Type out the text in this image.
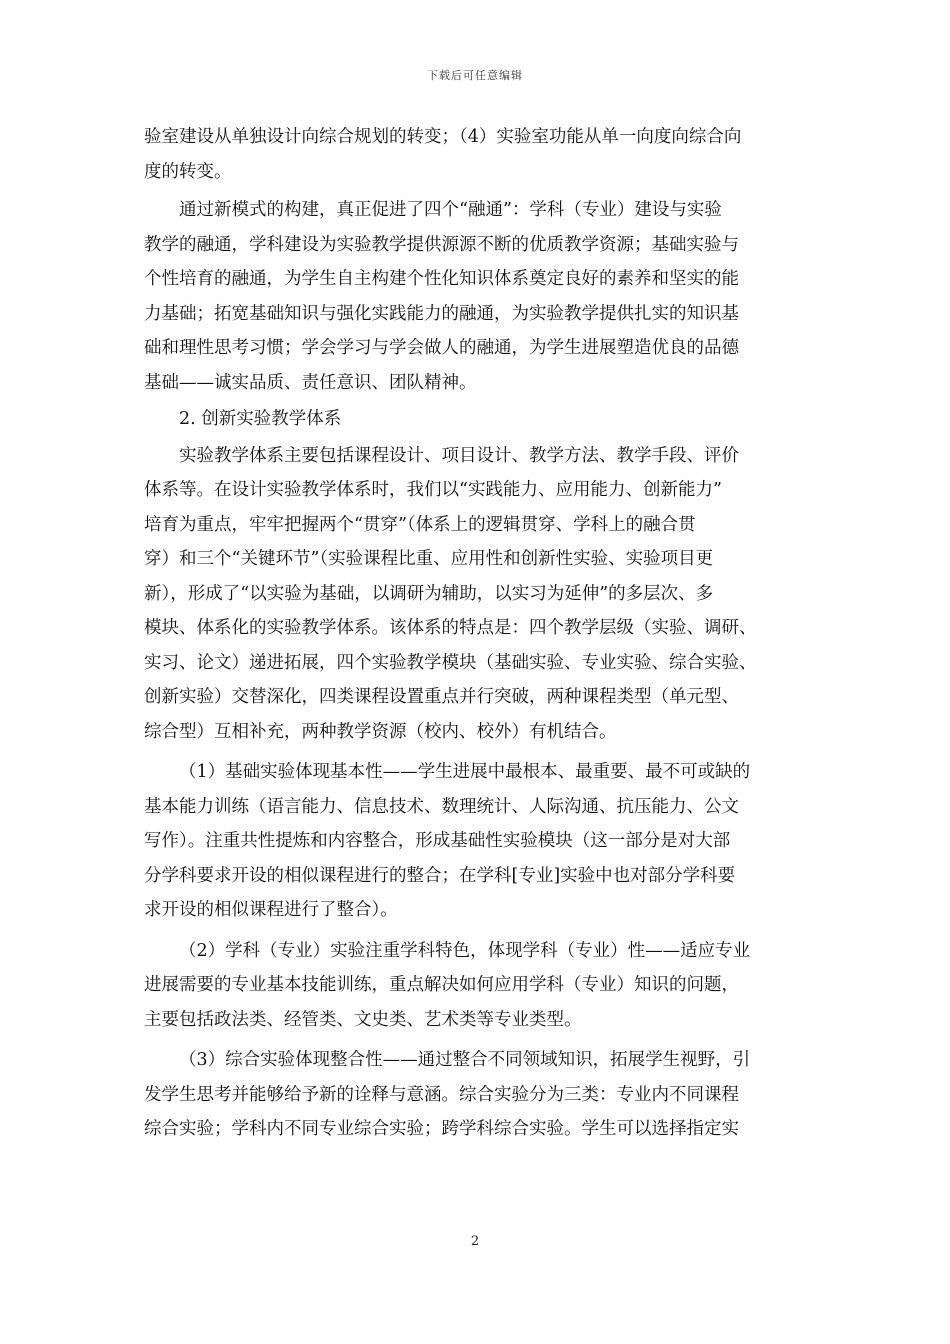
下载后可任意编辑
验室建设从单独设计向综合规划的转变；（4）实验室功能从单一向度向综合向
度的转变。
通过新模式的构建，真正促进了四个“融通”：学科（专业）建设与实验
教学的融通，学科建设为实验教学提供源源不断的优质教学资源；基础实验与
个性培育的融通，为学生自主构建个性化知识体系奠定良好的素养和坚实的能
力基础；拓宽基础知识与强化实践能力的融通，为实验教学提供扎实的知识基
础和理性思考习惯；学会学习与学会做人的融通，为学生进展塑造优良的品德
基础——诚实品质、责任意识、团队精神。
2. 创新实验教学体系
实验教学体系主要包括课程设计、项目设计、教学方法、教学手段、评价
体系等。在设计实验教学体系时，我们以“实践能力、应用能力、创新能力”
培育为重点，牢牢把握两个“贯穿”（体系上的逻辑贯穿、学科上的融合贯
穿）和三个“关键环节”（实验课程比重、应用性和创新性实验、实验项目更
新），形成了“以实验为基础，以调研为辅助，以实习为延伸”的多层次、多
模块、体系化的实验教学体系。该体系的特点是：四个教学层级（实验、调研、
实习、论文）递进拓展，四个实验教学模块（基础实验、专业实验、综合实验、
创新实验）交替深化，四类课程设置重点并行突破，两种课程类型（单元型、
综合型）互相补充，两种教学资源（校内、校外）有机结合。
（1）基础实验体现基本性——学生进展中最根本、最重要、最不可或缺的
基本能力训练（语言能力、信息技术、数理统计、人际沟通、抗压能力、公文
写作）。注重共性提炼和内容整合，形成基础性实验模块（这一部分是对大部
分学科要求开设的相似课程进行的整合；在学科[专业]实验中也对部分学科要
求开设的相似课程进行了整合）。
（2）学科（专业）实验注重学科特色，体现学科（专业）性——适应专业
进展需要的专业基本技能训练，重点解决如何应用学科（专业）知识的问题，
主要包括政法类、经管类、文史类、艺术类等专业类型。
（3）综合实验体现整合性——通过整合不同领域知识，拓展学生视野，引
发学生思考并能够给予新的诠释与意涵。综合实验分为三类：专业内不同课程
综合实验；学科内不同专业综合实验；跨学科综合实验。学生可以选择指定实
2
